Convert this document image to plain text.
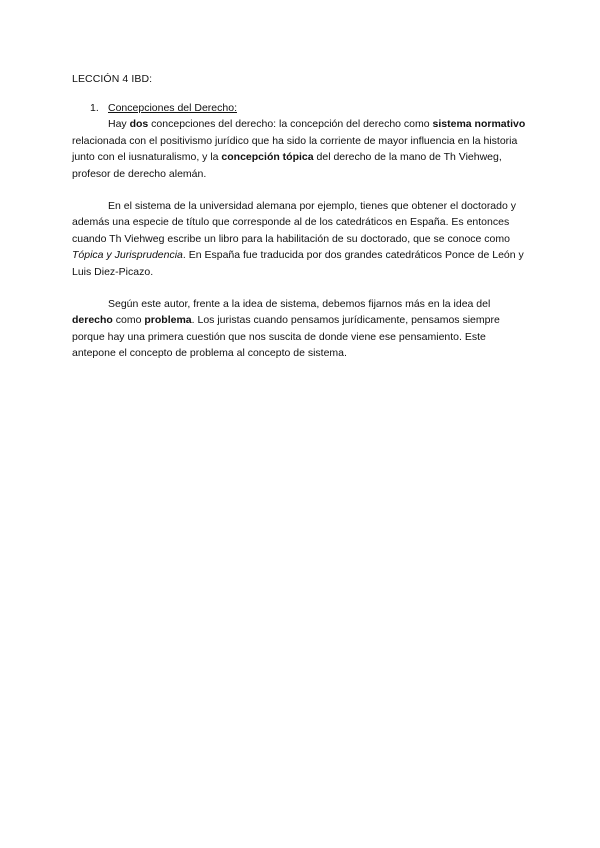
LECCIÓN 4 IBD:
1. Concepciones del Derecho:

Hay dos concepciones del derecho: la concepción del derecho como sistema normativo relacionada con el positivismo jurídico que ha sido la corriente de mayor influencia en la historia junto con el iusnaturalismo, y la concepción tópica del derecho de la mano de Th Viehweg, profesor de derecho alemán.

En el sistema de la universidad alemana por ejemplo, tienes que obtener el doctorado y además una especie de título que corresponde al de los catedráticos en España. Es entonces cuando Th Viehweg escribe un libro para la habilitación de su doctorado, que se conoce como Tópica y Jurisprudencia. En España fue traducida por dos grandes catedráticos Ponce de León y Luis Diez-Picazo.

Según este autor, frente a la idea de sistema, debemos fijarnos más en la idea del derecho como problema. Los juristas cuando pensamos jurídicamente, pensamos siempre porque hay una primera cuestión que nos suscita de donde viene ese pensamiento. Este antepone el concepto de problema al concepto de sistema.
